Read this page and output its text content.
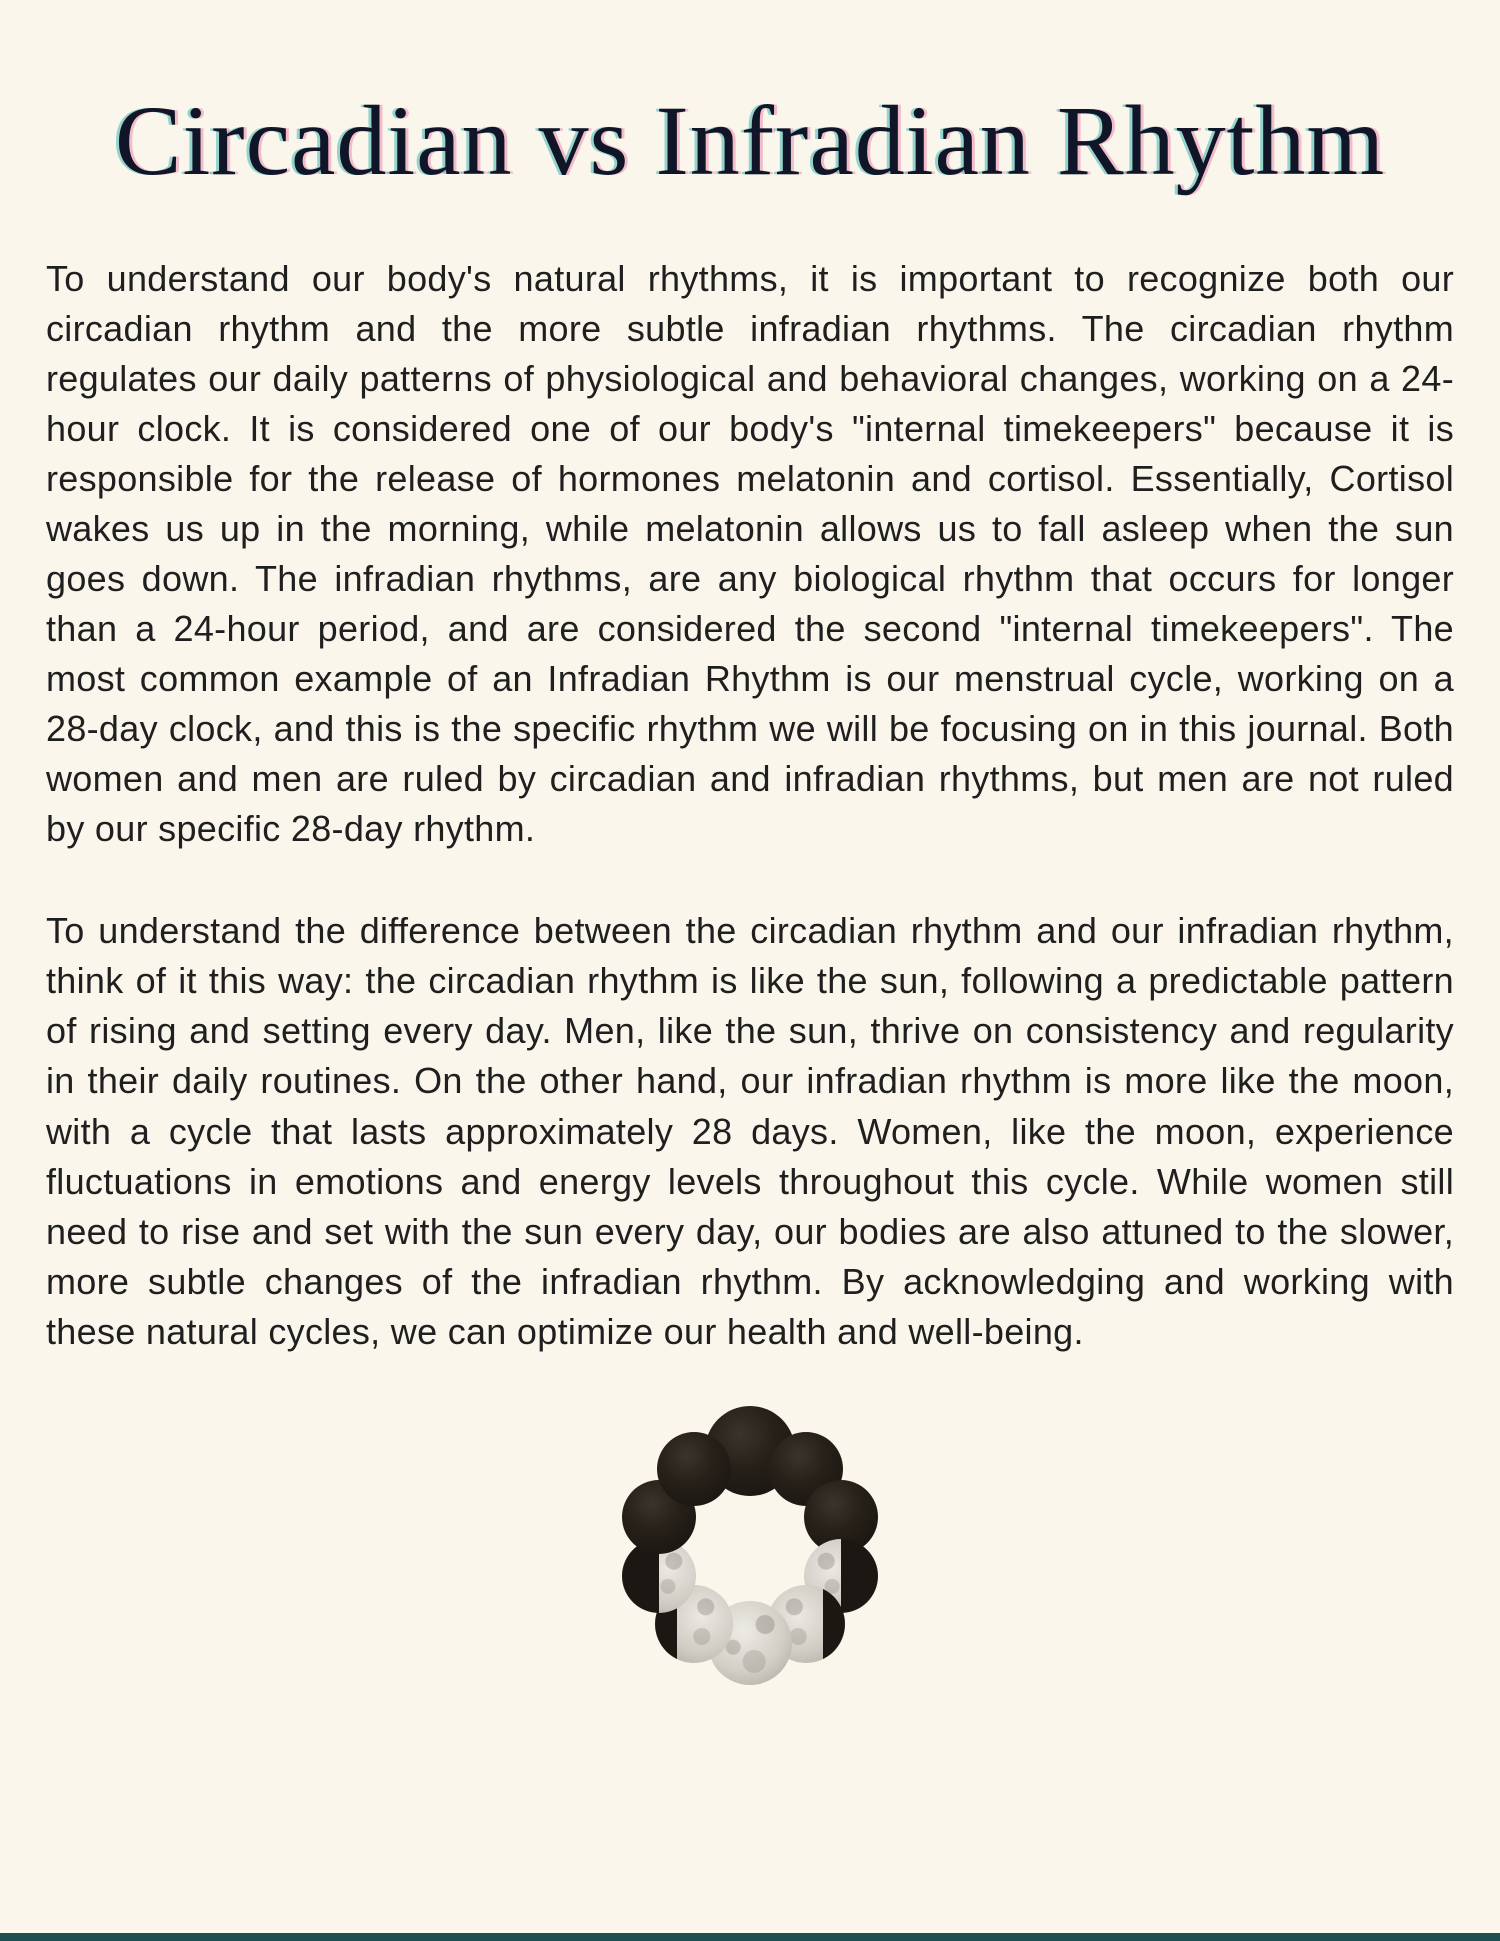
Circadian vs Infradian Rhythm

To understand our body's natural rhythms, it is important to recognize both our circadian rhythm and the more subtle infradian rhythms. The circadian rhythm regulates our daily patterns of physiological and behavioral changes, working on a 24-hour clock. It is considered one of our body's "internal timekeepers" because it is responsible for the release of hormones melatonin and cortisol. Essentially, Cortisol wakes us up in the morning, while melatonin allows us to fall asleep when the sun goes down. The infradian rhythms, are any biological rhythm that occurs for longer than a 24-hour period, and are considered the second "internal timekeepers". The most common example of an Infradian Rhythm is our menstrual cycle, working on a 28-day clock, and this is the specific rhythm we will be focusing on in this journal. Both women and men are ruled by circadian and infradian rhythms, but men are not ruled by our specific 28-day rhythm.

To understand the difference between the circadian rhythm and our infradian rhythm, think of it this way: the circadian rhythm is like the sun, following a predictable pattern of rising and setting every day. Men, like the sun, thrive on consistency and regularity in their daily routines. On the other hand, our infradian rhythm is more like the moon, with a cycle that lasts approximately 28 days. Women, like the moon, experience fluctuations in emotions and energy levels throughout this cycle. While women still need to rise and set with the sun every day, our bodies are also attuned to the slower, more subtle changes of the infradian rhythm. By acknowledging and working with these natural cycles, we can optimize our health and well-being.
